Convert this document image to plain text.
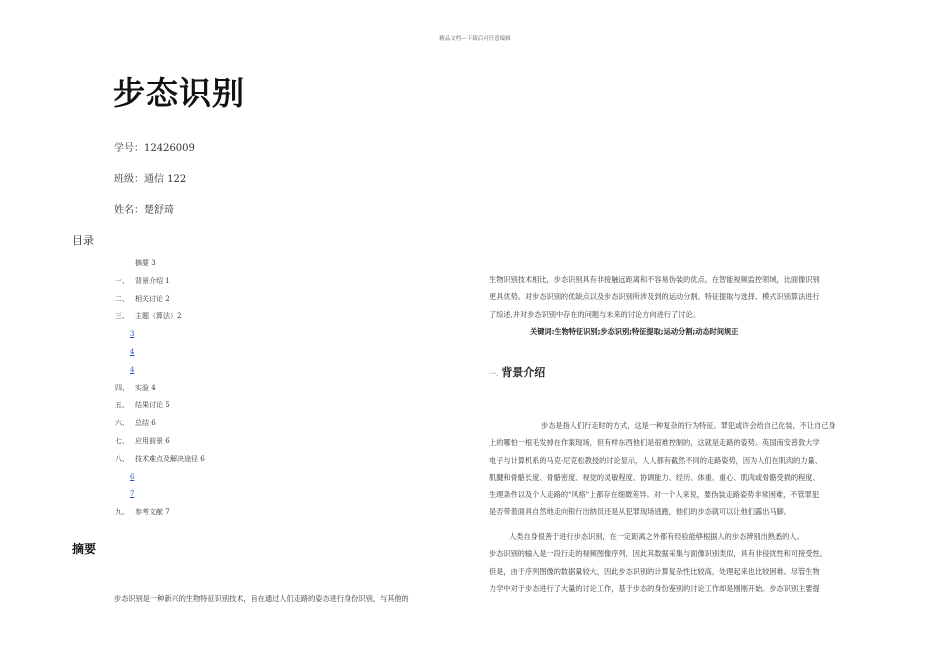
精品文档---下载后可任意编辑
步态识别
学号：12426009
班级：通信 122
姓名：楚舒琦
目录
摘要 3
一、 背景介绍 1
二、 相关讨论 2
三、 主题（算法）2
3
4
4
四、 实验 4
五、 结果讨论 5
六、 总结 6
七、 应用前景 6
八、 技术难点及解决途径 6
6
7
九、 参考文献 7
摘要
步态识别是一种新兴的生物特征识别技术，旨在通过人们走路的姿态进行身份识别，与其他的
生物识别技术相比，步态识别具有非接触远距离和不容易伪装的优点。在智能视频监控领域，比面像识别
更具优势。对步态识别的优缺点以及步态识别所涉及到的运动分割、特征提取与选择、模式识别算法进行
了综述,并对步态识别中存在的问题与未来的讨论方向进行了讨论。
关键词:生物特征识别;步态识别;特征提取;运动分割;动态时间规正
一. 背景介绍
步态是指人们行走时的方式，这是一种复杂的行为特征。罪犯或许会给自己化装，不让自己身
上的哪怕一根毛发掉在作案现场，但有样东西他们是很难控制的，这就是走路的姿势。英国南安普敦大学
电子与计算机系的马克·尼克松教授的讨论显示，人人都有截然不同的走路姿势，因为人们在肌肉的力量、
肌腱和骨骼长度、骨骼密度、视觉的灵敏程度、协调能力、经历、体重、重心、肌肉或骨骼受损的程度、
生理条件以及个人走路的"风格"上都存在细微差异。对一个人来说，要伪装走路姿势非常困难，不管罪犯
是否带着面具自然地走向银行出纳员还是从犯罪现场逃跑，他们的步态就可以让他们露出马脚。
人类自身很善于进行步态识别，在一定距离之外都有经验能够根据人的步态辨别出熟悉的人。
步态识别的输入是一段行走的视频图像序列，因此其数据采集与面像识别类似，具有非侵扰性和可接受性。
但是，由于序列图像的数据量较大，因此步态识别的计算复杂性比较高，处理起来也比较困难。尽管生物
力学中对于步态进行了大量的讨论工作，基于步态的身份鉴别的讨论工作却是刚刚开始。步态识别主要提
